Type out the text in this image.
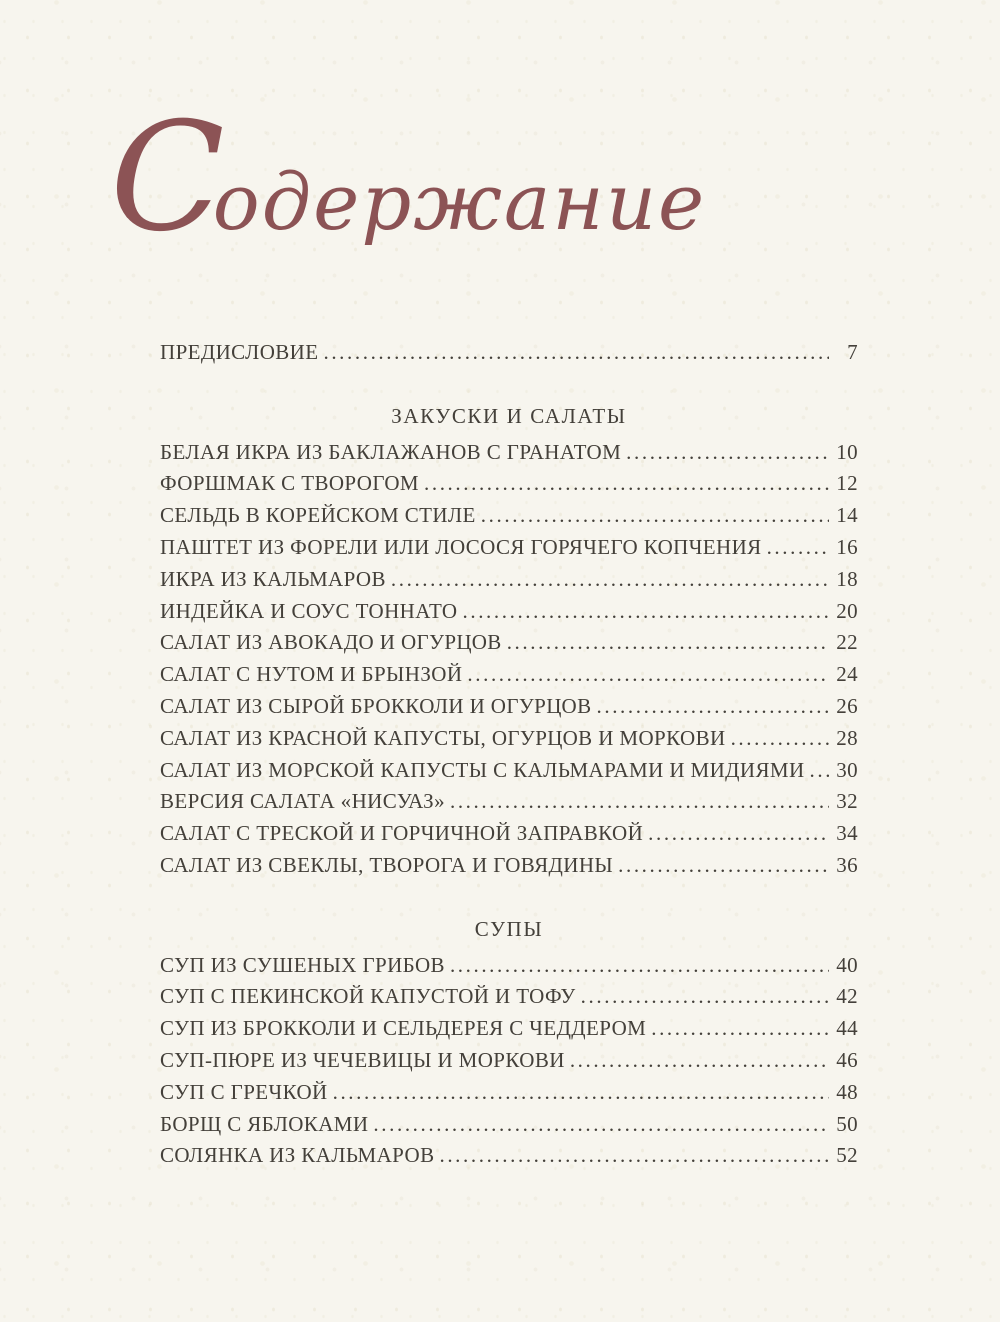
Содержание
ПРЕДИСЛОВИЕ .....	7
ЗАКУСКИ И САЛАТЫ
БЕЛАЯ ИКРА ИЗ БАКЛАЖАНОВ С ГРАНАТОМ .....	10
ФОРШМАК С ТВОРОГОМ .....	12
СЕЛЬДЬ В КОРЕЙСКОМ СТИЛЕ .....	14
ПАШТЕТ ИЗ ФОРЕЛИ ИЛИ ЛОСОСЯ ГОРЯЧЕГО КОПЧЕНИЯ .....	16
ИКРА ИЗ КАЛЬМАРОВ .....	18
ИНДЕЙКА И СОУС ТОННАТО .....	20
САЛАТ ИЗ АВОКАДО И ОГУРЦОВ .....	22
САЛАТ С НУТОМ И БРЫНЗОЙ .....	24
САЛАТ ИЗ СЫРОЙ БРОККОЛИ И ОГУРЦОВ .....	26
САЛАТ ИЗ КРАСНОЙ КАПУСТЫ, ОГУРЦОВ И МОРКОВИ .....	28
САЛАТ ИЗ МОРСКОЙ КАПУСТЫ С КАЛЬМАРАМИ И МИДИЯМИ ..... 30
ВЕРСИЯ САЛАТА «НИСУАЗ» .....	32
САЛАТ С ТРЕСКОЙ И ГОРЧИЧНОЙ ЗАПРАВКОЙ .....	34
САЛАТ ИЗ СВЕКЛЫ, ТВОРОГА И ГОВЯДИНЫ .....	36
СУПЫ
СУП ИЗ СУШЕНЫХ ГРИБОВ .....	40
СУП С ПЕКИНСКОЙ КАПУСТОЙ И ТОФУ .....	42
СУП ИЗ БРОККОЛИ И СЕЛЬДЕРЕЯ С ЧЕДДЕРОМ .....	44
СУП-ПЮРЕ ИЗ ЧЕЧЕВИЦЫ И МОРКОВИ .....	46
СУП С ГРЕЧКОЙ .....	48
БОРЩ С ЯБЛОКАМИ .....	50
СОЛЯНКА ИЗ КАЛЬМАРОВ .....	52
